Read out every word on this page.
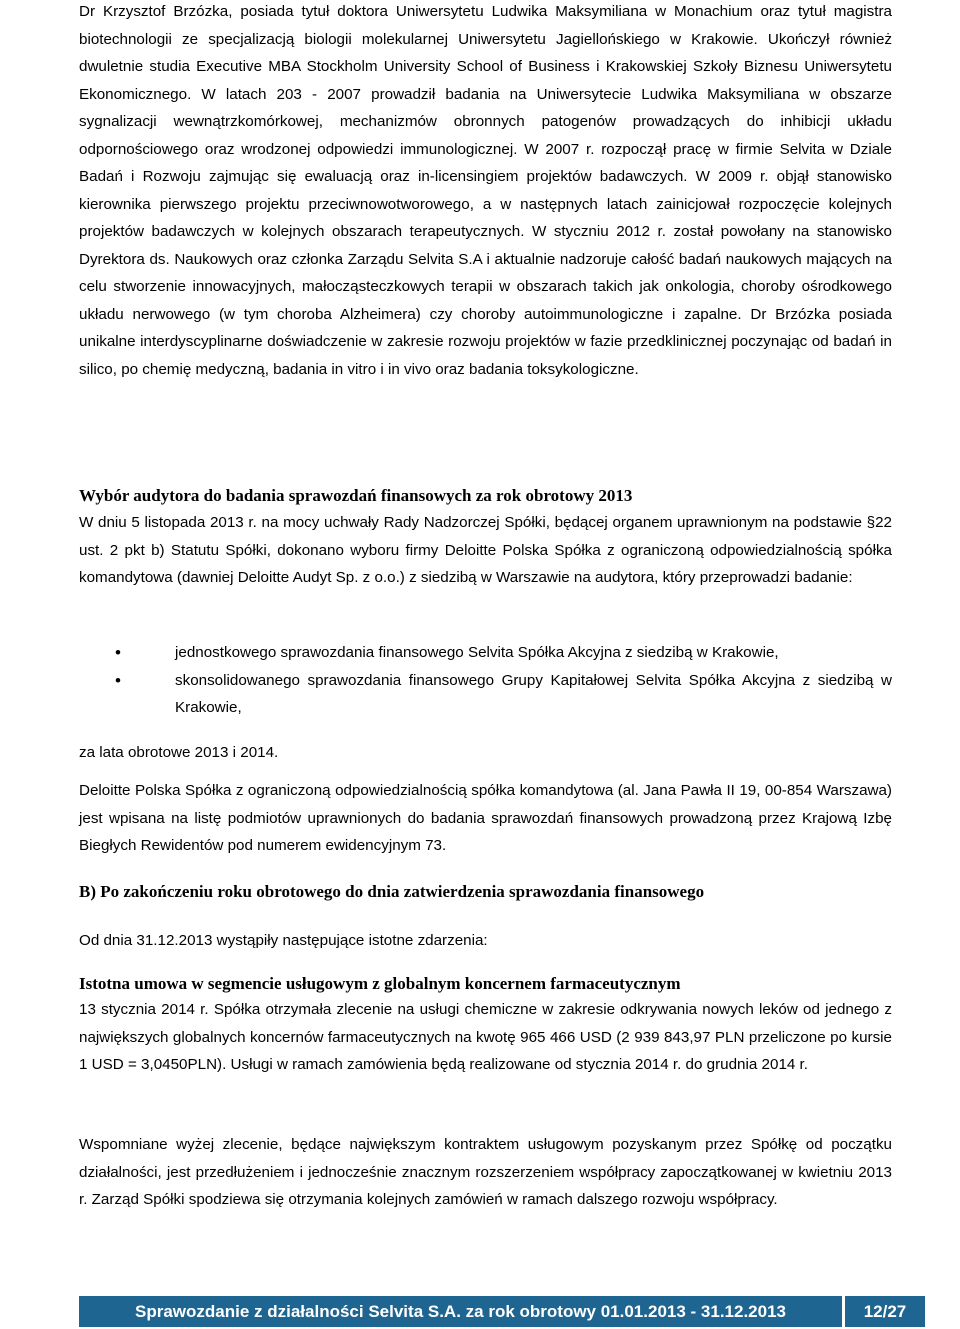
Dr Krzysztof Brzózka, posiada tytuł doktora Uniwersytetu Ludwika Maksymiliana w Monachium oraz tytuł magistra biotechnologii ze specjalizacją biologii molekularnej Uniwersytetu Jagiellońskiego w Krakowie. Ukończył również dwuletnie studia Executive MBA Stockholm University School of Business i Krakowskiej Szkoły Biznesu Uniwersytetu Ekonomicznego. W latach 203 - 2007 prowadził badania na Uniwersytecie Ludwika Maksymiliana w obszarze sygnalizacji wewnątrzkomórkowej, mechanizmów obronnych patogenów prowadzących do inhibicji układu odpornościowego oraz wrodzonej odpowiedzi immunologicznej. W 2007 r. rozpoczął pracę w firmie Selvita w Dziale Badań i Rozwoju zajmując się ewaluacją oraz in-licensingiem projektów badawczych. W 2009 r. objął stanowisko kierownika pierwszego projektu przeciwnowotworowego, a w następnych latach zainicjował rozpoczęcie kolejnych projektów badawczych w kolejnych obszarach terapeutycznych. W styczniu 2012 r. został powołany na stanowisko Dyrektora ds. Naukowych oraz członka Zarządu Selvita S.A i aktualnie nadzoruje całość badań naukowych mających na celu stworzenie innowacyjnych, małocząsteczkowych terapii w obszarach takich jak onkologia, choroby ośrodkowego układu nerwowego (w tym choroba Alzheimera) czy choroby autoimmunologiczne i zapalne. Dr Brzózka posiada unikalne interdyscyplinarne doświadczenie w zakresie rozwoju projektów w fazie przedklinicznej poczynając od badań in silico, po chemię medyczną, badania in vitro i in vivo oraz badania toksykologiczne.

Wybór audytora do badania sprawozdań finansowych za rok obrotowy 2013

W dniu 5 listopada 2013 r. na mocy uchwały Rady Nadzorczej Spółki, będącej organem uprawnionym na podstawie §22 ust. 2 pkt b) Statutu Spółki, dokonano wyboru firmy Deloitte Polska Spółka z ograniczoną odpowiedzialnością spółka komandytowa (dawniej Deloitte Audyt Sp. z o.o.) z siedzibą w Warszawie na audytora, który przeprowadzi badanie:

• jednostkowego sprawozdania finansowego Selvita Spółka Akcyjna z siedzibą w Krakowie,
• skonsolidowanego sprawozdania finansowego Grupy Kapitałowej Selvita Spółka Akcyjna z siedzibą w Krakowie,

za lata obrotowe 2013 i 2014.

Deloitte Polska Spółka z ograniczoną odpowiedzialnością spółka komandytowa (al. Jana Pawła II 19, 00-854 Warszawa) jest wpisana na listę podmiotów uprawnionych do badania sprawozdań finansowych prowadzoną przez Krajową Izbę Biegłych Rewidentów pod numerem ewidencyjnym 73.

B) Po zakończeniu roku obrotowego do dnia zatwierdzenia sprawozdania finansowego

Od dnia 31.12.2013 wystąpiły następujące istotne zdarzenia:

Istotna umowa w segmencie usługowym z globalnym koncernem farmaceutycznym

13 stycznia 2014 r. Spółka otrzymała zlecenie na usługi chemiczne w zakresie odkrywania nowych leków od jednego z największych globalnych koncernów farmaceutycznych na kwotę 965 466 USD (2 939 843,97 PLN przeliczone po kursie 1 USD = 3,0450PLN). Usługi w ramach zamówienia będą realizowane od stycznia 2014 r. do grudnia 2014 r.

Wspomniane wyżej zlecenie, będące największym kontraktem usługowym pozyskanym przez Spółkę od początku działalności, jest przedłużeniem i jednocześnie znacznym rozszerzeniem współpracy zapoczątkowanej w kwietniu 2013 r. Zarząd Spółki spodziewa się otrzymania kolejnych zamówień w ramach dalszego rozwoju współpracy.

Sprawozdanie z działalności Selvita S.A. za rok obrotowy 01.01.2013 - 31.12.2013	12/27
